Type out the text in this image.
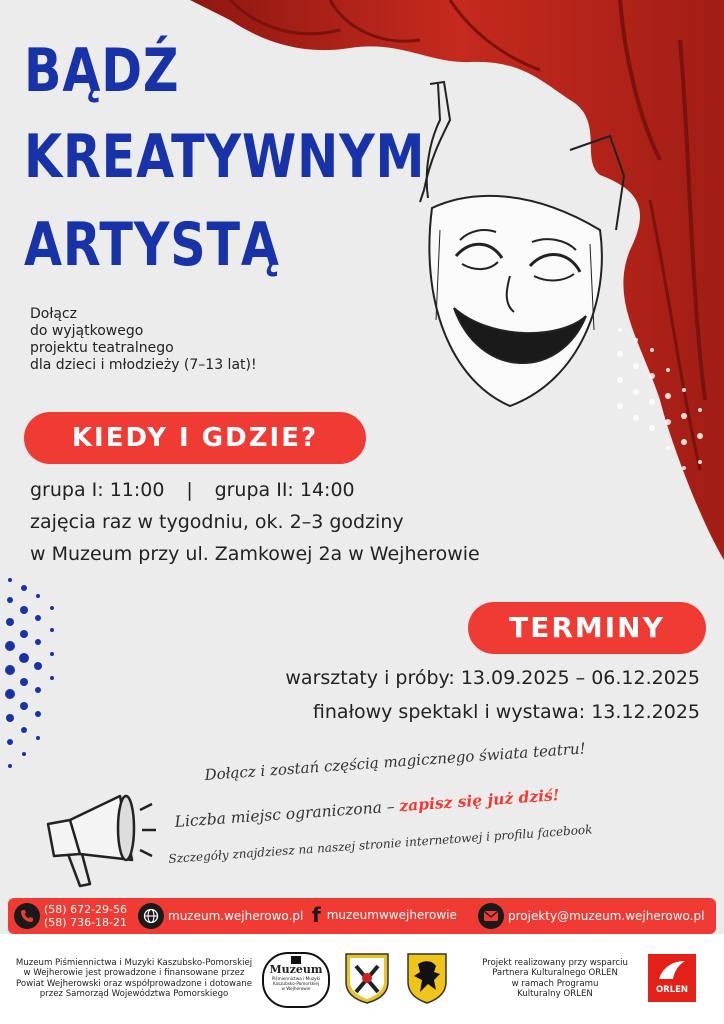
BĄDŹ
KREATYWNYM
ARTYSTĄ
Dołącz
do wyjątkowego
projektu teatralnego
dla dzieci i młodzieży (7–13 lat)!
KIEDY I GDZIE?
grupa I: 11:00 | grupa II: 14:00
zajęcia raz w tygodniu, ok. 2–3 godziny
w Muzeum przy ul. Zamkowej 2a w Wejherowie
TERMINY
warsztaty i próby: 13.09.2025 – 06.12.2025
finałowy spektakl i wystawa: 13.12.2025
Dołącz i zostań częścią magicznego świata teatru!
Liczba miejsc ograniczona – zapisz się już dziś!
Szczegóły znajdziesz na naszej stronie internetowej i profilu facebook
(58) 672-29-56
(58) 736-18-21	muzeum.wejherowo.pl f muzeumwwejherowie	projekty@muzeum.wejherowo.pl
Muzeum Piśmiennictwa i Muzyki Kaszubsko-Pomorskiej
w Wejherowie jest prowadzone i finansowane przez
Powiat Wejherowski oraz współprowadzone i dotowane
przez Samorząd Województwa Pomorskiego
Muzeum
Piśmiennictwa i Muzyki
Kaszubsko-Pomorskiej
w Wejherowie
Projekt realizowany przy wsparciu
Partnera Kulturalnego ORLEN
w ramach Programu
Kulturalny ORLEN	ORLEN
